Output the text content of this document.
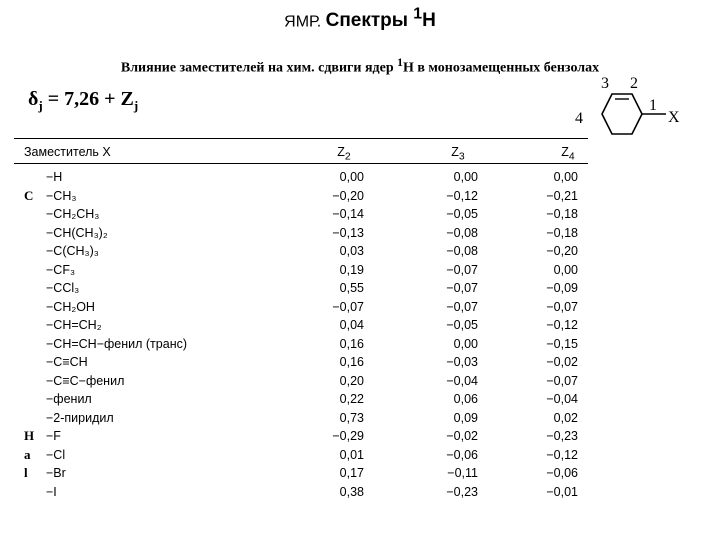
ЯМР. Спектры $^1$Н
Влияние заместителей на хим. сдвиги ядер $^1$Н в монозамещенных бензолах
$\delta_j = 7,26 + Z_j$
3 2
1
4	X
Заместитель X	$Z_2$	$Z_3$	$Z_4$
−H	0,00	0,00	0,00
C −CH₃	−0,20	−0,12	−0,21
−CH₂CH₃	−0,14	−0,05	−0,18
−CH(CH₃)₂	−0,13	−0,08	−0,18
−C(CH₃)₃	0,03	−0,08	−0,20
−CF₃	0,19	−0,07	0,00
−CCl₃	0,55	−0,07	−0,09
−CH₂OH	−0,07	−0,07	−0,07
−CH=CH₂	0,04	−0,05	−0,12
−CH=CH−фенил (транс)	0,16	0,00	−0,15
−C≡CH	0,16	−0,03	−0,02
−C≡C−фенил	0,20	−0,04	−0,07
−фенил	0,22	0,06	−0,04
−2-пиридил	0,73	0,09	0,02
H −F	−0,29	−0,02	−0,23
a −Cl	0,01	−0,06	−0,12
l −Br	0,17	−0,11	−0,06
−I	0,38	−0,23	−0,01
